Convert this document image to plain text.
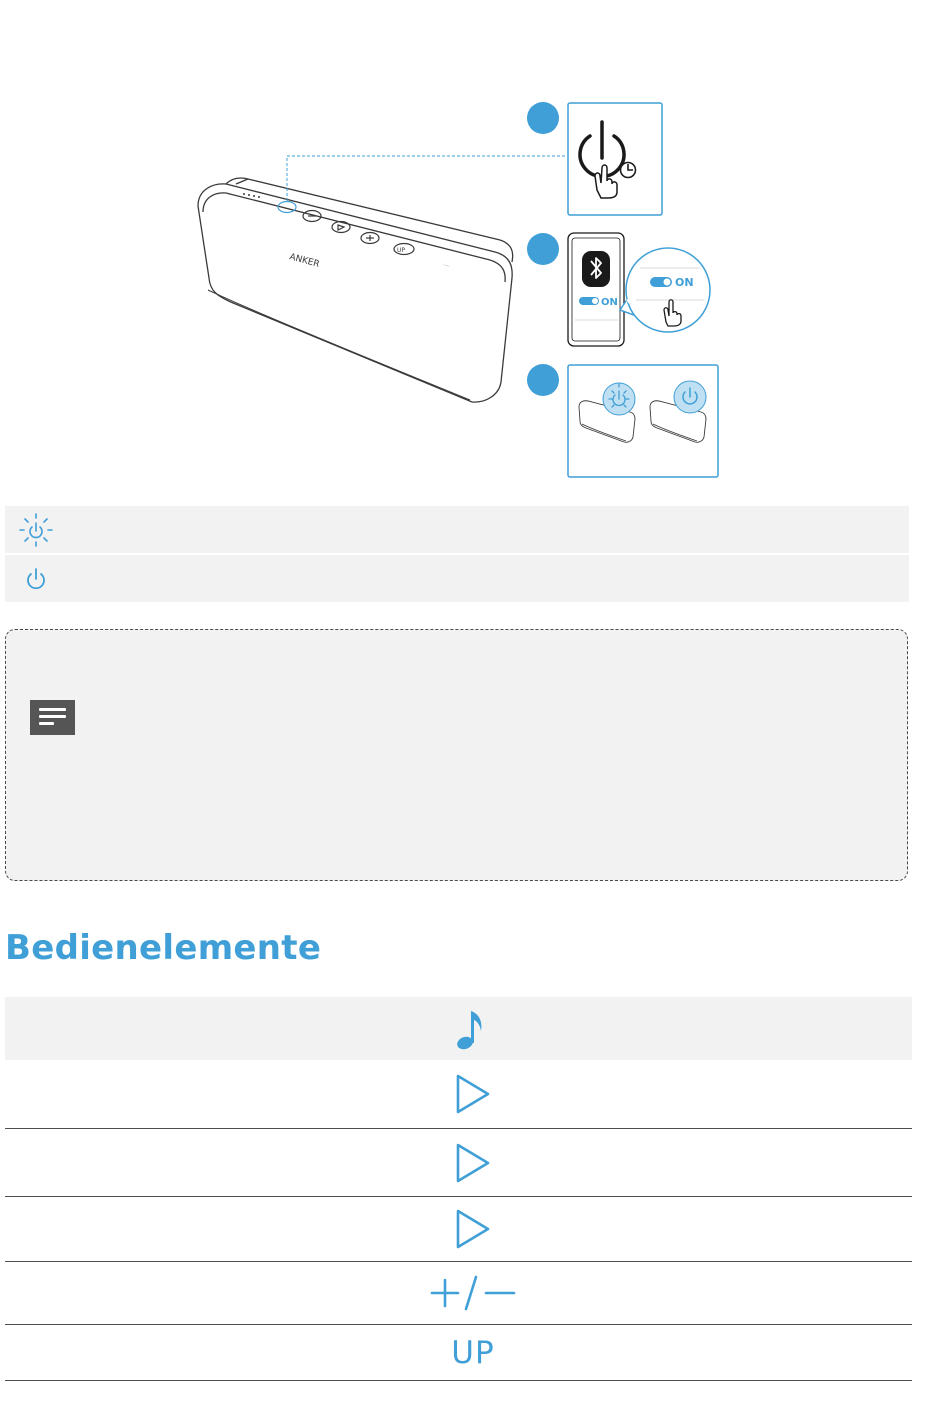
UP
ANKER	·····
ON
ON
Bedienelemente
UP
